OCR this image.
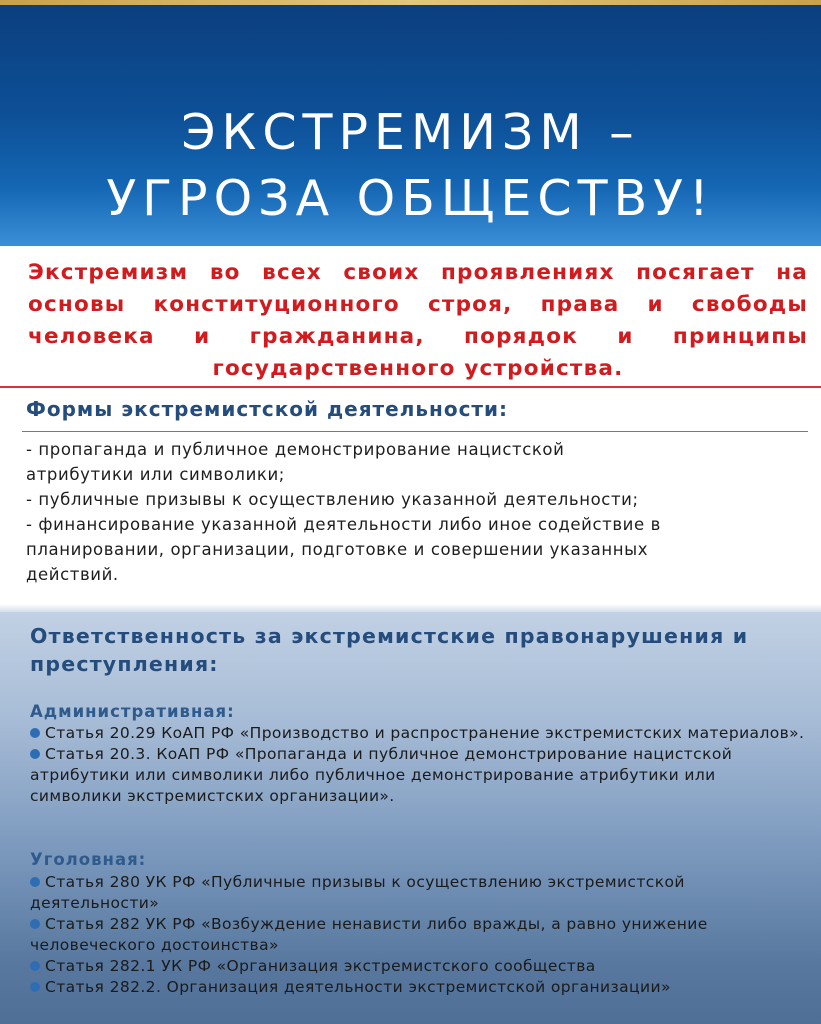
ЭКСТРЕМИЗМ –
УГРОЗА ОБЩЕСТВУ!
Экстремизм во всех своих проявлениях посягает на основы конституционного строя, права и свободы человека и гражданина, порядок и принципы государственного устройства.
Формы экстремистской деятельности:
- пропаганда и публичное демонстрирование нацистской
атрибутики или символики;
- публичные призывы к осуществлению указанной деятельности;
- финансирование указанной деятельности либо иное содействие в
планировании, организации, подготовке и совершении указанных
действий.
Ответственность за экстремистские правонарушения и преступления:
Административная:
Статья 20.29 КоАП РФ «Производство и распространение экстремистских материалов».
Статья 20.3. КоАП РФ «Пропаганда и публичное демонстрирование нацистской атрибутики или символики либо публичное демонстрирование атрибутики или символики экстремистских организации».
Уголовная:
Статья 280 УК РФ «Публичные призывы к осуществлению экстремистской деятельности»
Статья 282 УК РФ «Возбуждение ненависти либо вражды, а равно унижение человеческого достоинства»
Статья 282.1 УК РФ «Организация экстремистского сообщества
Статья 282.2. Организация деятельности экстремистской организации»
